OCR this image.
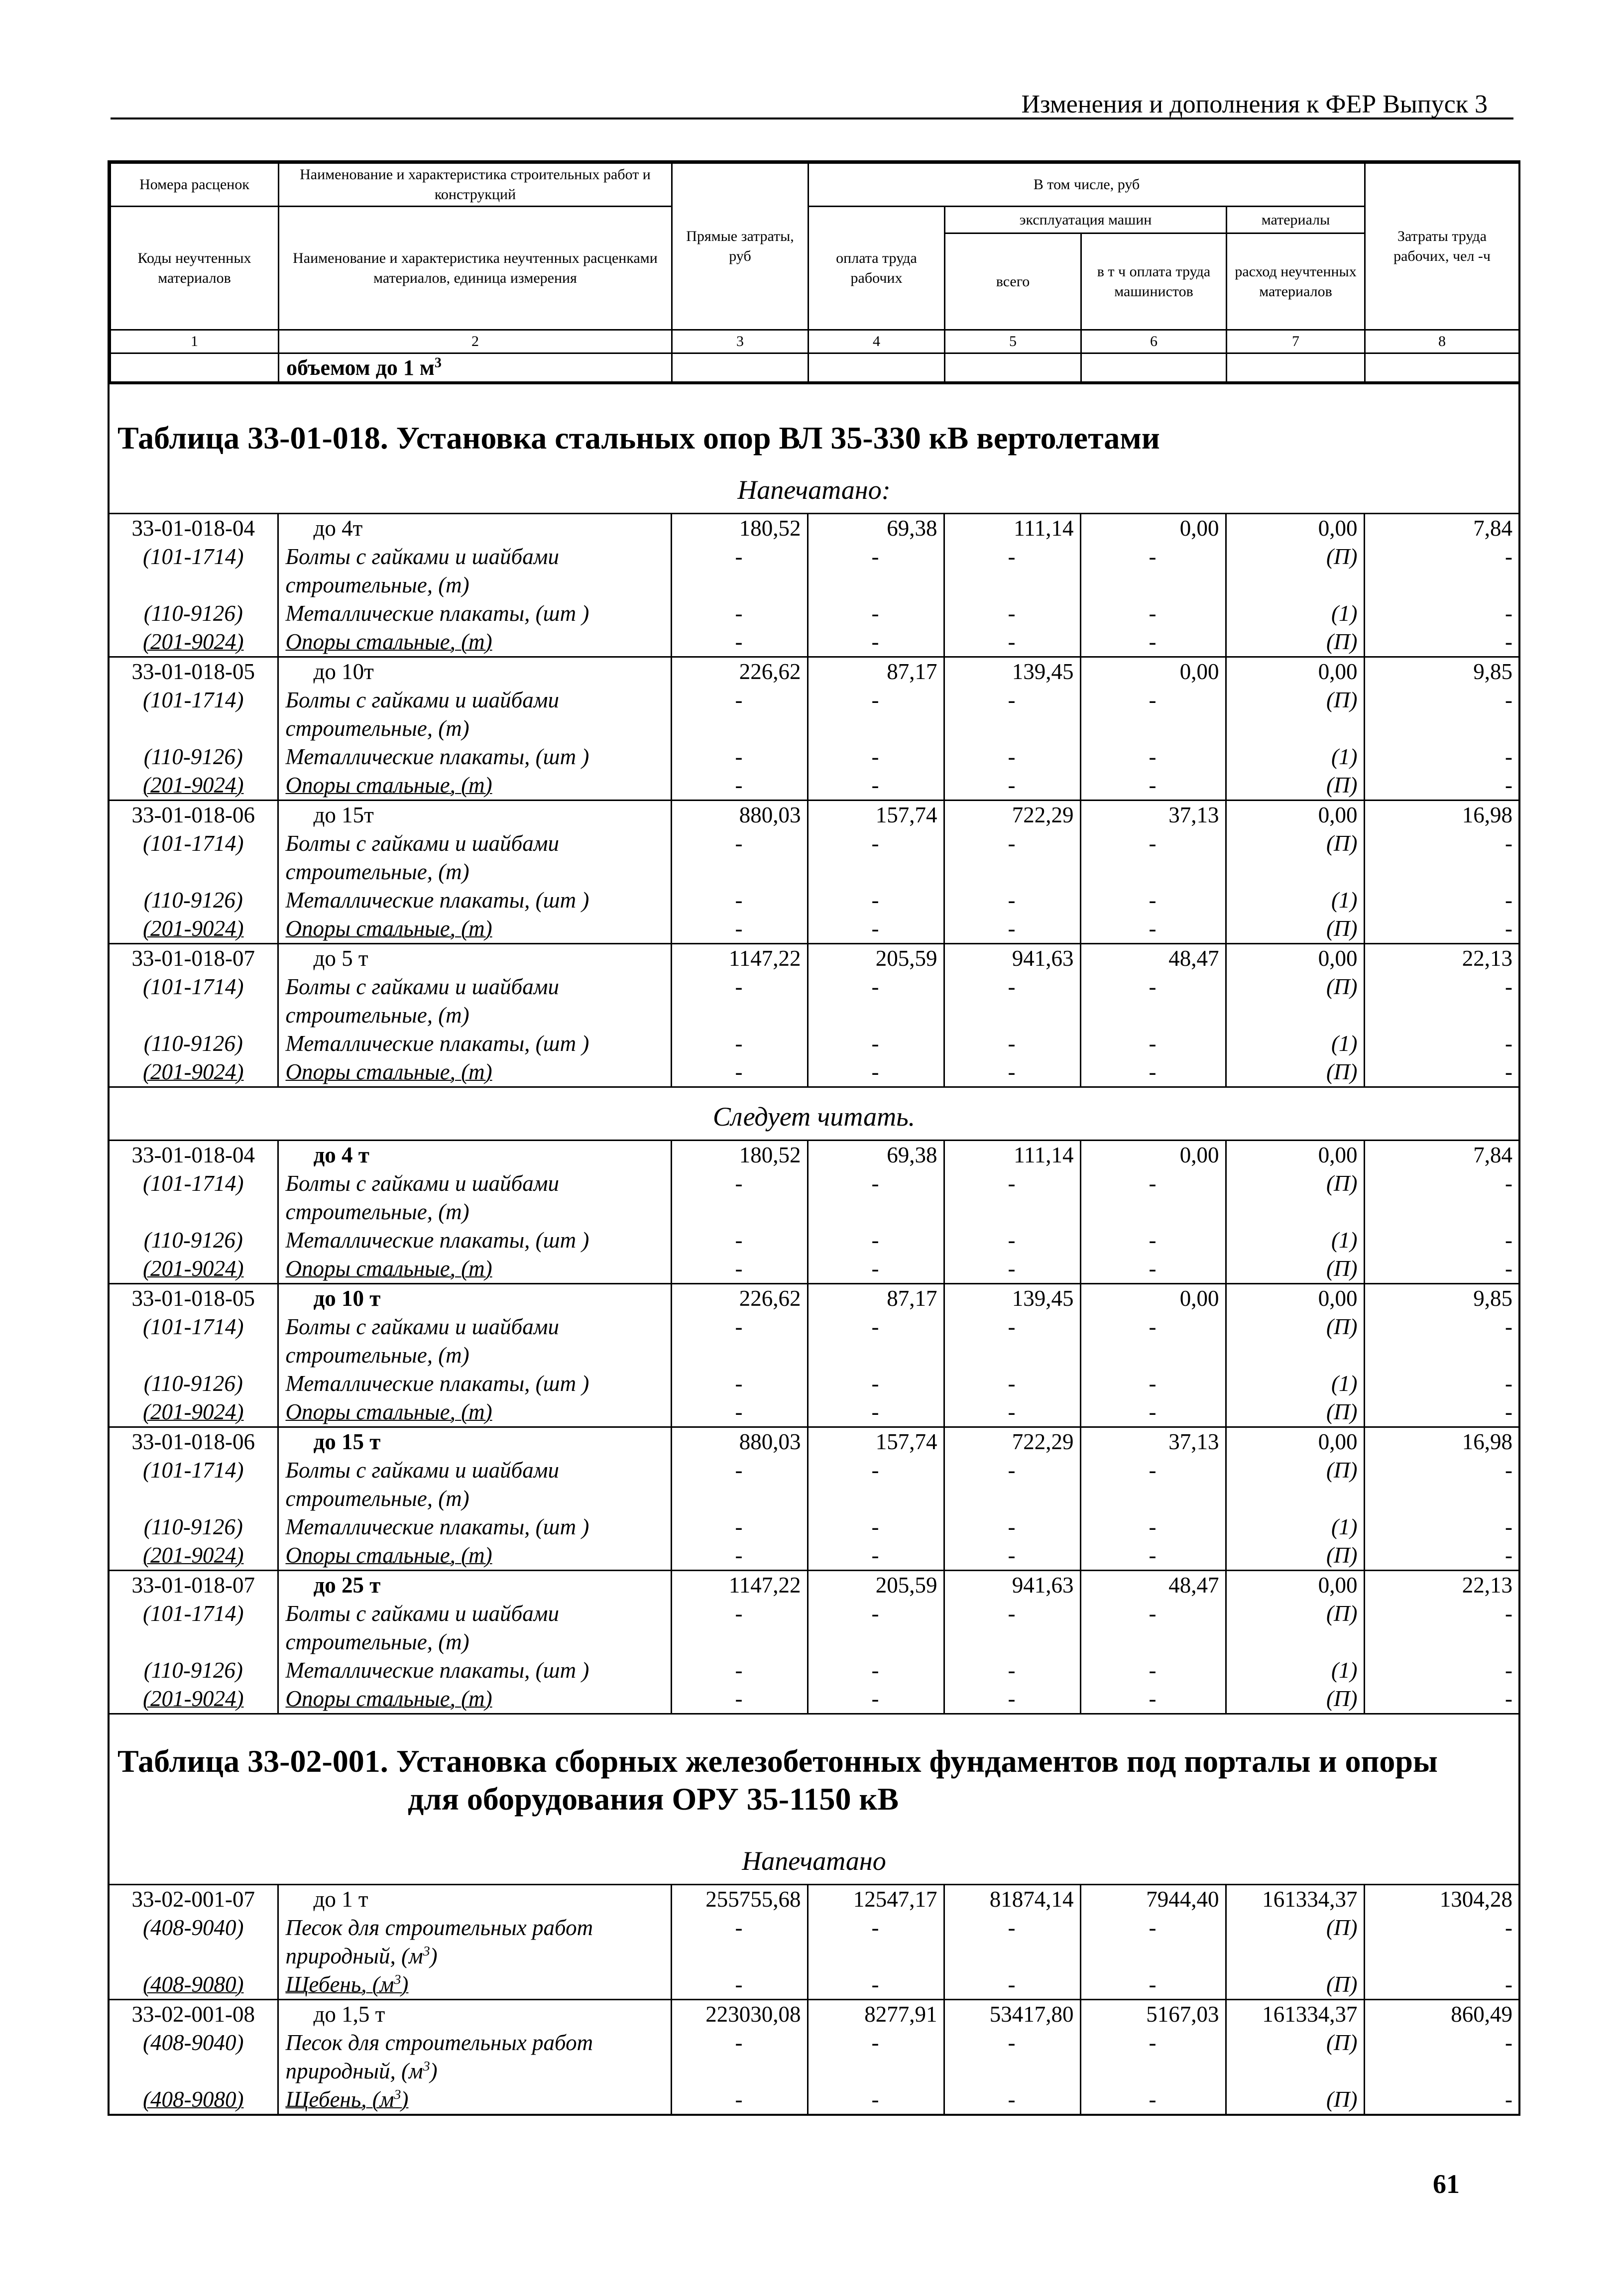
Изменения и дополнения к ФЕР Выпуск 3
Номера расценок	Наименование и характеристика строительных работ и конструкций	Прямые затраты, руб	В том числе, руб				Затраты труда рабочих, чел -ч
Коды неучтенных материалов	Наименование и характеристика неучтенных расценками материалов, единица измерения		оплата труда рабочих	эксплуатация машин		материалы	
				всего	в т ч оплата труда машинистов	расход неучтенных материалов	
1	2	3	4	5	6	7	8
	объемом до 1 $м^3$						
Таблица 33-01-018. Установка стальных опор ВЛ 35-330 кВ вертолетами
Напечатано:
33-01-018-04	до 4т	180,52	69,38	111,14	0,00	0,00	7,84
(101-1714)	Болты с гайками и шайбами	-	-	-	-	(П)	-
	строительные, (т)						
(110-9126)	Металлические плакаты, (шт )	-	-	-	-	(1)	-
(201-9024)	Опоры стальные, (т)	-	-	-	-	(П)	-
33-01-018-05	до 10т	226,62	87,17	139,45	0,00	0,00	9,85
(101-1714)	Болты с гайками и шайбами	-	-	-	-	(П)	-
	строительные, (т)						
(110-9126)	Металлические плакаты, (шт )	-	-	-	-	(1)	-
(201-9024)	Опоры стальные, (т)	-	-	-	-	(П)	-
33-01-018-06	до 15т	880,03	157,74	722,29	37,13	0,00	16,98
(101-1714)	Болты с гайками и шайбами	-	-	-	-	(П)	-
	строительные, (т)						
(110-9126)	Металлические плакаты, (шт )	-	-	-	-	(1)	-
(201-9024)	Опоры стальные, (т)	-	-	-	-	(П)	-
33-01-018-07	до 5 т	1147,22	205,59	941,63	48,47	0,00	22,13
(101-1714)	Болты с гайками и шайбами	-	-	-	-	(П)	-
	строительные, (т)						
(110-9126)	Металлические плакаты, (шт )	-	-	-	-	(1)	-
(201-9024)	Опоры стальные, (т)	-	-	-	-	(П)	-
Следует читать.
33-01-018-04	до 4 т	180,52	69,38	111,14	0,00	0,00	7,84
(101-1714)	Болты с гайками и шайбами	-	-	-	-	(П)	-
	строительные, (т)						
(110-9126)	Металлические плакаты, (шт )	-	-	-	-	(1)	-
(201-9024)	Опоры стальные, (т)	-	-	-	-	(П)	-
33-01-018-05	до 10 т	226,62	87,17	139,45	0,00	0,00	9,85
(101-1714)	Болты с гайками и шайбами	-	-	-	-	(П)	-
	строительные, (т)						
(110-9126)	Металлические плакаты, (шт )	-	-	-	-	(1)	-
(201-9024)	Опоры стальные, (т)	-	-	-	-	(П)	-
33-01-018-06	до 15 т	880,03	157,74	722,29	37,13	0,00	16,98
(101-1714)	Болты с гайками и шайбами	-	-	-	-	(П)	-
	строительные, (т)						
(110-9126)	Металлические плакаты, (шт )	-	-	-	-	(1)	-
(201-9024)	Опоры стальные, (т)	-	-	-	-	(П)	-
33-01-018-07	до 25 т	1147,22	205,59	941,63	48,47	0,00	22,13
(101-1714)	Болты с гайками и шайбами	-	-	-	-	(П)	-
	строительные, (т)						
(110-9126)	Металлические плакаты, (шт )	-	-	-	-	(1)	-
(201-9024)	Опоры стальные, (т)	-	-	-	-	(П)	-
Таблица 33-02-001. Установка сборных железобетонных фундаментов под порталы и опоры
для оборудования ОРУ 35-1150 кВ
Напечатано
33-02-001-07	до 1 т	255755,68	12547,17	81874,14	7944,40	161334,37	1304,28
(408-9040)	Песок для строительных работ	-	-	-	-	(П)	-
	природный, $(м^3)$						
(408-9080)	Щебень, $(м^3)$	-	-	-	-	(П)	-
33-02-001-08	до 1,5 т	223030,08	8277,91	53417,80	5167,03	161334,37	860,49
(408-9040)	Песок для строительных работ	-	-	-	-	(П)	-
	природный, $(м^3)$						
(408-9080)	Щебень, $(м^3)$	-	-	-	-	(П)	-
61
